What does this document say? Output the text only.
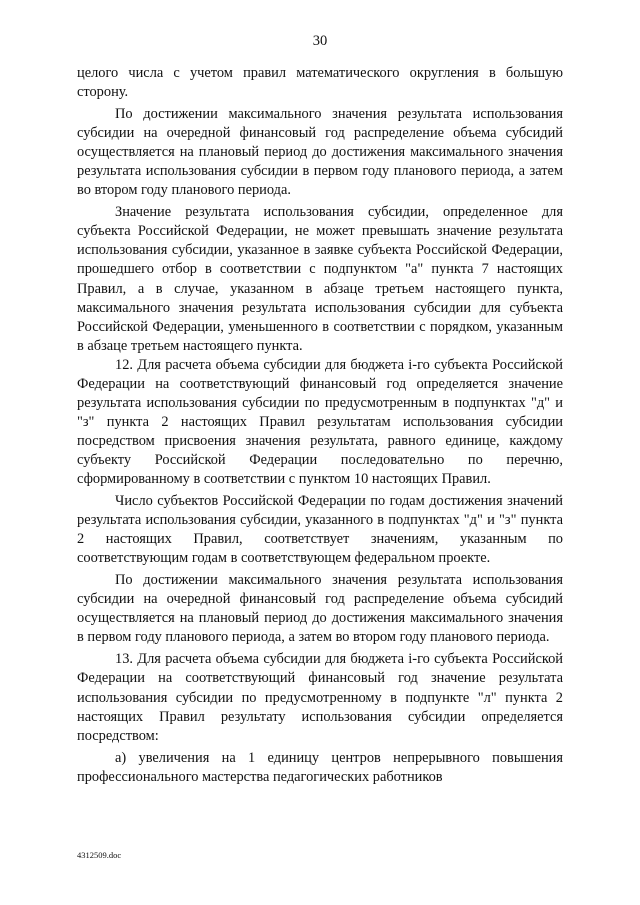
30

целого числа с учетом правил математического округления в большую сторону.

По достижении максимального значения результата использования субсидии на очередной финансовый год распределение объема субсидий осуществляется на плановый период до достижения максимального значения результата использования субсидии в первом году планового периода, а затем во втором году планового периода.

Значение результата использования субсидии, определенное для субъекта Российской Федерации, не может превышать значение результата использования субсидии, указанное в заявке субъекта Российской Федерации, прошедшего отбор в соответствии с подпунктом "а" пункта 7 настоящих Правил, а в случае, указанном в абзаце третьем настоящего пункта, максимального значения результата использования субсидии для субъекта Российской Федерации, уменьшенного в соответствии с порядком, указанным в абзаце третьем настоящего пункта.

12. Для расчета объема субсидии для бюджета i-го субъекта Российской Федерации на соответствующий финансовый год определяется значение результата использования субсидии по предусмотренным в подпунктах "д" и "з" пункта 2 настоящих Правил результатам использования субсидии посредством присвоения значения результата, равного единице, каждому субъекту Российской Федерации последовательно по перечню, сформированному в соответствии с пунктом 10 настоящих Правил.

Число субъектов Российской Федерации по годам достижения значений результата использования субсидии, указанного в подпунктах "д" и "з" пункта 2 настоящих Правил, соответствует значениям, указанным по соответствующим годам в соответствующем федеральном проекте.

По достижении максимального значения результата использования субсидии на очередной финансовый год распределение объема субсидий осуществляется на плановый период до достижения максимального значения в первом году планового периода, а затем во втором году планового периода.

13. Для расчета объема субсидии для бюджета i-го субъекта Российской Федерации на соответствующий финансовый год значение результата использования субсидии по предусмотренному в подпункте "л" пункта 2 настоящих Правил результату использования субсидии определяется посредством:

а) увеличения на 1 единицу центров непрерывного повышения профессионального мастерства педагогических работников

4312509.doc
